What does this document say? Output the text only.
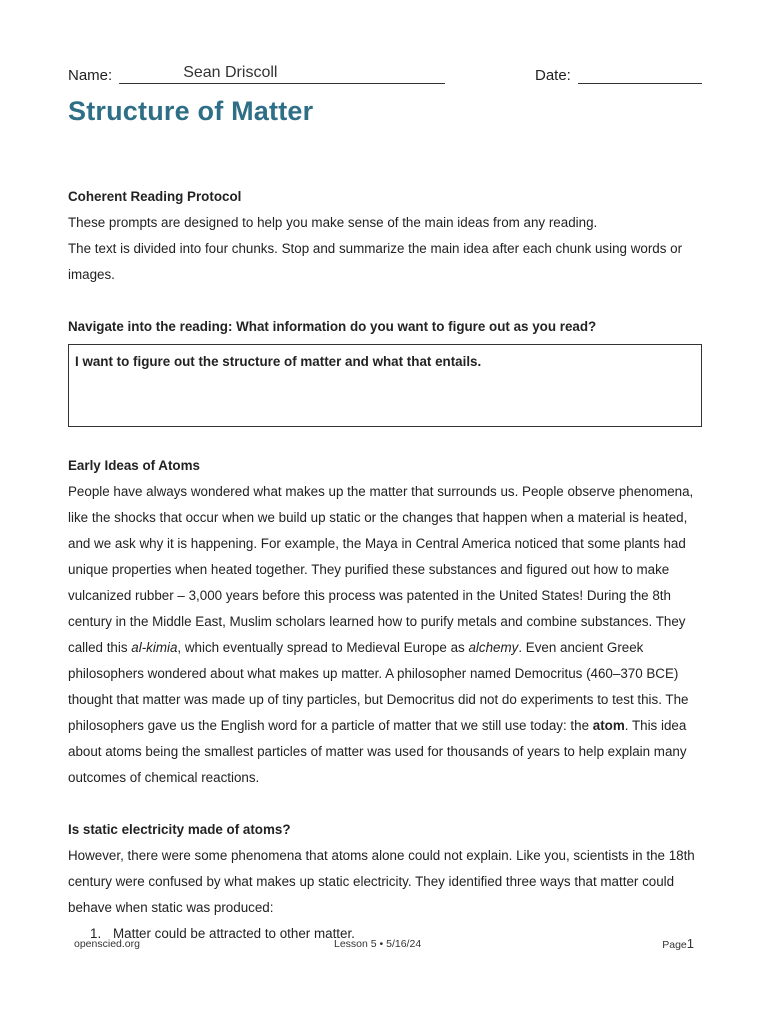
Name:	Sean Driscoll	Date:
Structure of Matter

Coherent Reading Protocol

These prompts are designed to help you make sense of the main ideas from any reading.

The text is divided into four chunks. Stop and summarize the main idea after each chunk using words or images.

Navigate into the reading: What information do you want to figure out as you read?

I want to figure out the structure of matter and what that entails.

Early Ideas of Atoms

People have always wondered what makes up the matter that surrounds us. People observe phenomena, like the shocks that occur when we build up static or the changes that happen when a material is heated, and we ask why it is happening. For example, the Maya in Central America noticed that some plants had unique properties when heated together. They purified these substances and figured out how to make vulcanized rubber – 3,000 years before this process was patented in the United States! During the 8th century in the Middle East, Muslim scholars learned how to purify metals and combine substances. They called this al-kimia, which eventually spread to Medieval Europe as alchemy. Even ancient Greek philosophers wondered about what makes up matter. A philosopher named Democritus (460–370 BCE) thought that matter was made up of tiny particles, but Democritus did not do experiments to test this. The philosophers gave us the English word for a particle of matter that we still use today: the atom. This idea about atoms being the smallest particles of matter was used for thousands of years to help explain many outcomes of chemical reactions.

Is static electricity made of atoms?

However, there were some phenomena that atoms alone could not explain. Like you, scientists in the 18th century were confused by what makes up static electricity. They identified three ways that matter could behave when static was produced:

1. Matter could be attracted to other matter.
openscied.org	Lesson 5 • 5/16/24	Page1
